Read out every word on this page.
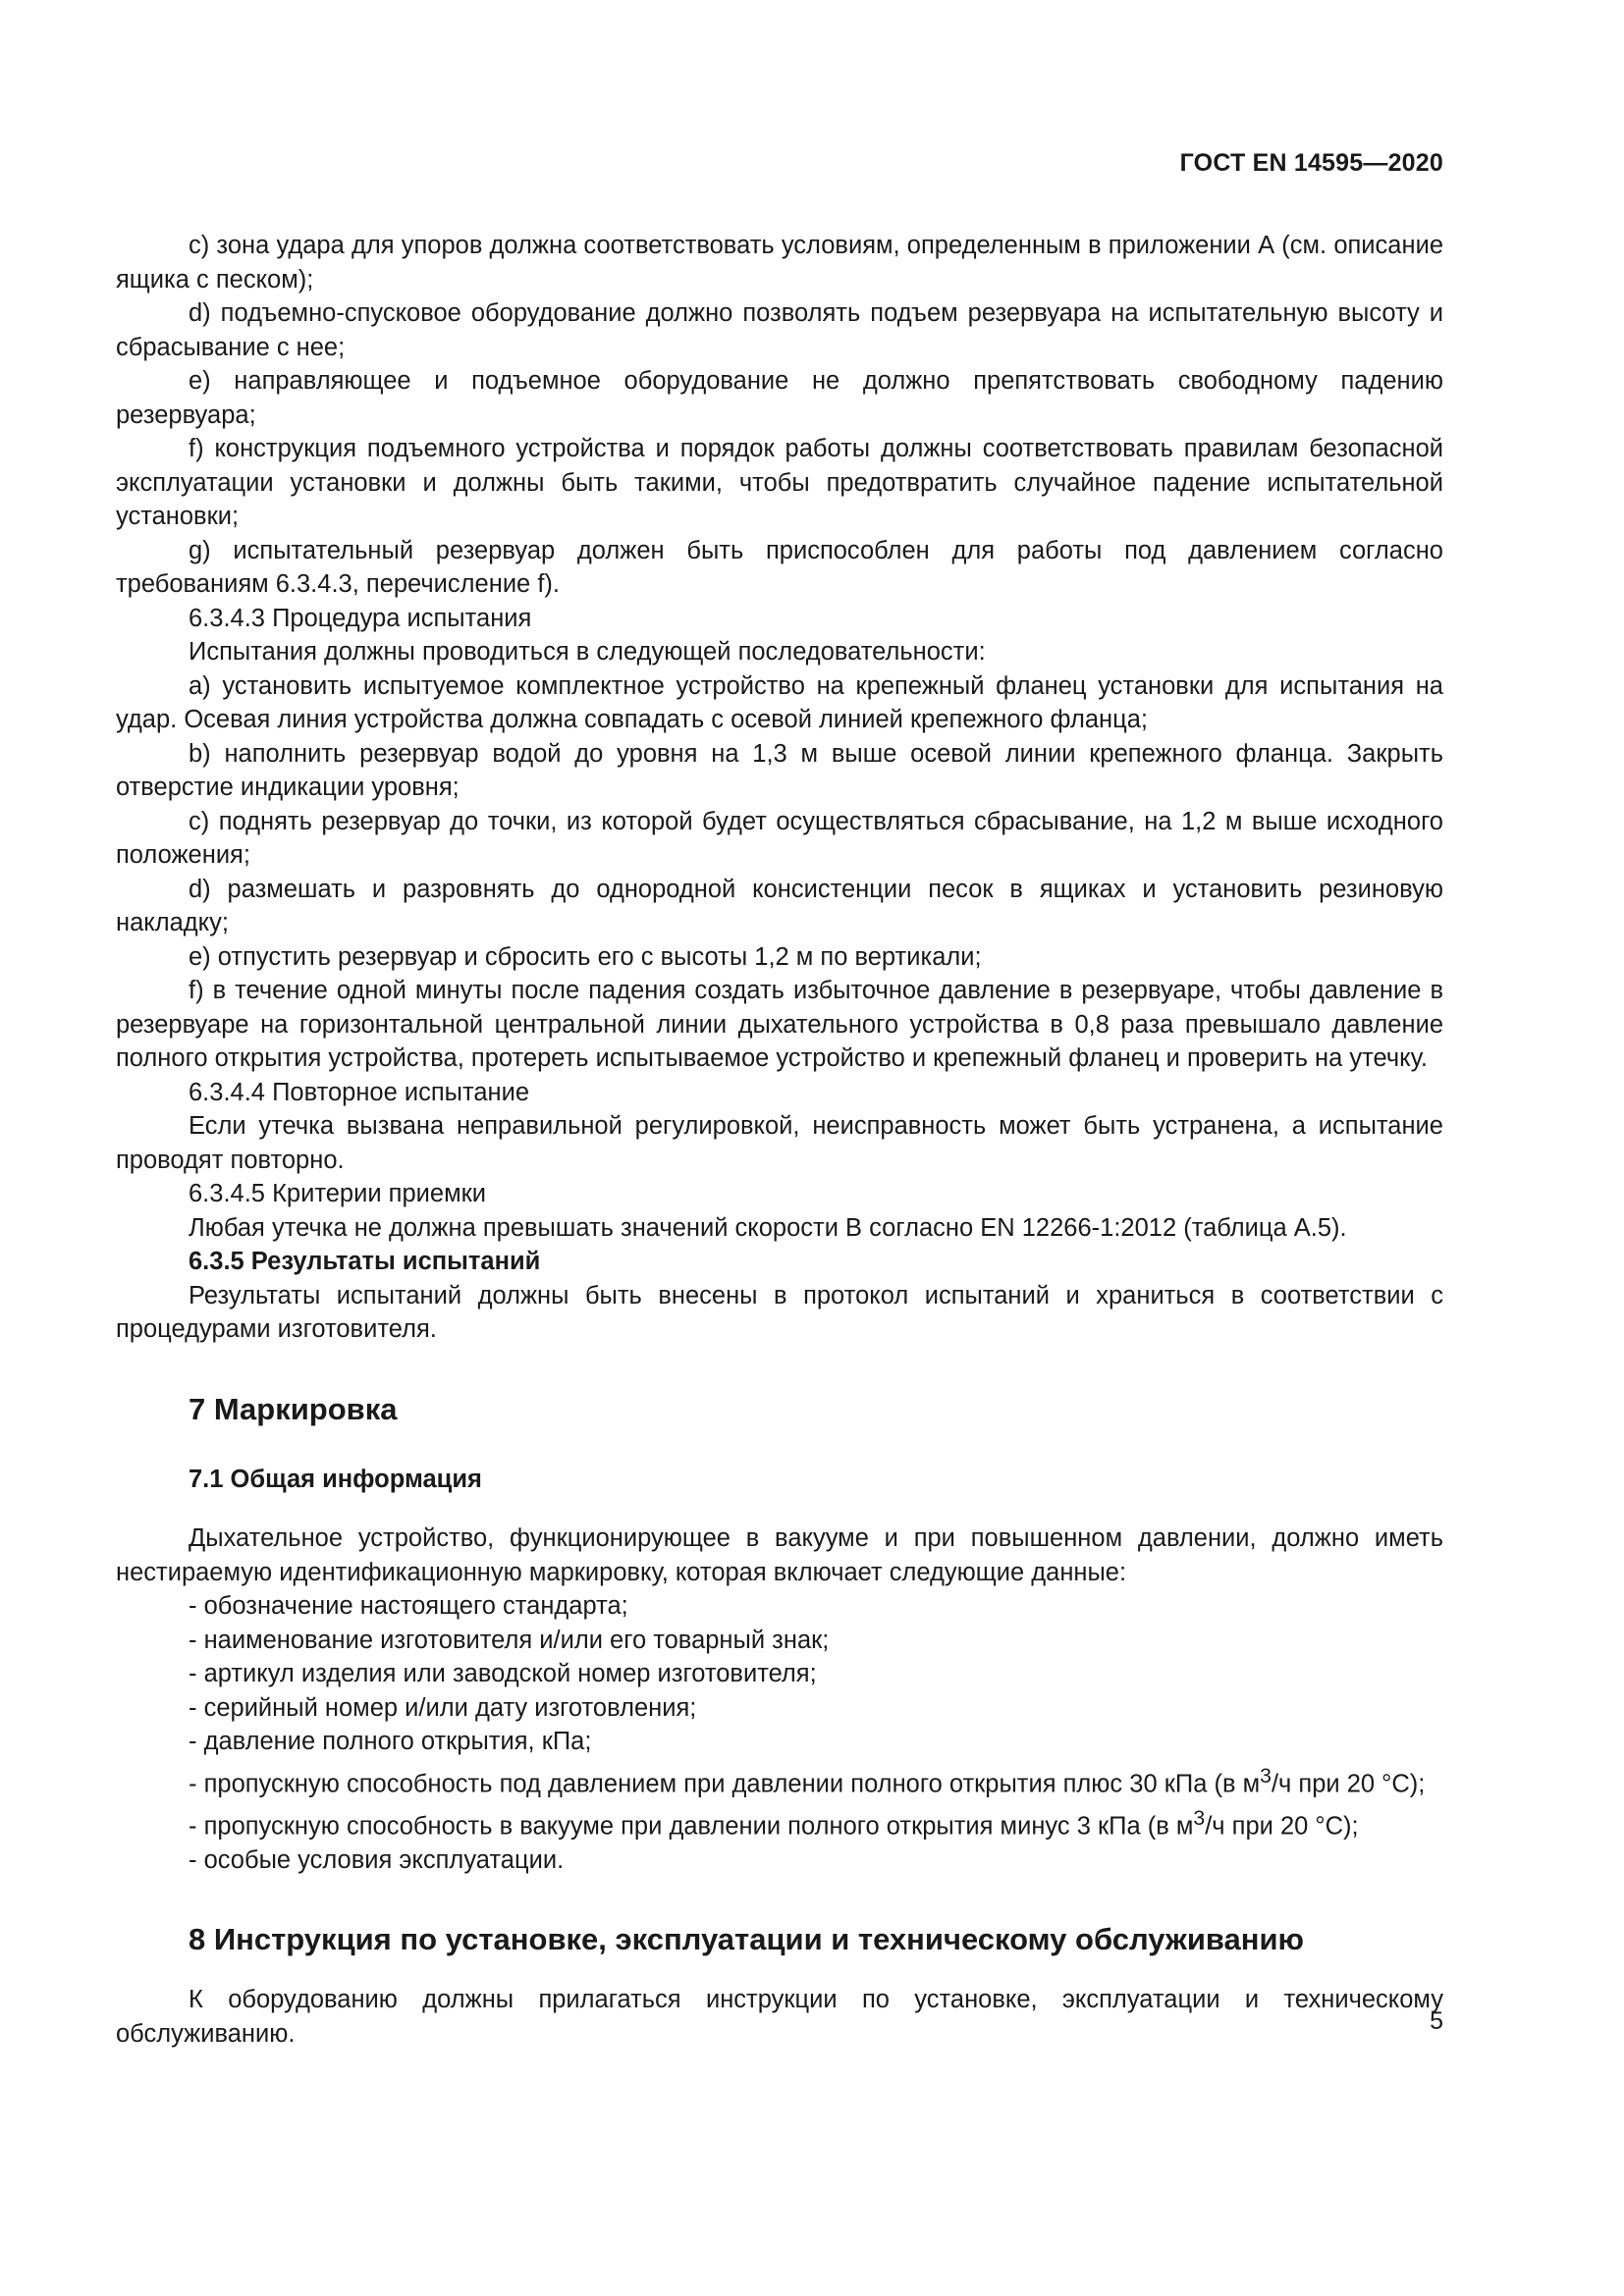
ГОСТ EN 14595—2020

c) зона удара для упоров должна соответствовать условиям, определенным в приложении А (см. описание ящика с песком);

d) подъемно-спусковое оборудование должно позволять подъем резервуара на испытательную высоту и сбрасывание с нее;

е) направляющее и подъемное оборудование не должно препятствовать свободному падению резервуара;

f) конструкция подъемного устройства и порядок работы должны соответствовать правилам безопасной эксплуатации установки и должны быть такими, чтобы предотвратить случайное падение испытательной установки;

g) испытательный резервуар должен быть приспособлен для работы под давлением согласно требованиям 6.3.4.3, перечисление f).

6.3.4.3 Процедура испытания

Испытания должны проводиться в следующей последовательности:

a) установить испытуемое комплектное устройство на крепежный фланец установки для испытания на удар. Осевая линия устройства должна совпадать с осевой линией крепежного фланца;

b) наполнить резервуар водой до уровня на 1,3 м выше осевой линии крепежного фланца. Закрыть отверстие индикации уровня;

c) поднять резервуар до точки, из которой будет осуществляться сбрасывание, на 1,2 м выше исходного положения;

d) размешать и разровнять до однородной консистенции песок в ящиках и установить резиновую накладку;

e) отпустить резервуар и сбросить его с высоты 1,2 м по вертикали;

f) в течение одной минуты после падения создать избыточное давление в резервуаре, чтобы давление в резервуаре на горизонтальной центральной линии дыхательного устройства в 0,8 раза превышало давление полного открытия устройства, протереть испытываемое устройство и крепежный фланец и проверить на утечку.

6.3.4.4 Повторное испытание

Если утечка вызвана неправильной регулировкой, неисправность может быть устранена, а испытание проводят повторно.

6.3.4.5 Критерии приемки

Любая утечка не должна превышать значений скорости B согласно EN 12266-1:2012 (таблица А.5).

6.3.5 Результаты испытаний

Результаты испытаний должны быть внесены в протокол испытаний и храниться в соответствии с процедурами изготовителя.

7 Маркировка
7.1 Общая информация

Дыхательное устройство, функционирующее в вакууме и при повышенном давлении, должно иметь нестираемую идентификационную маркировку, которая включает следующие данные:

- обозначение настоящего стандарта;

- наименование изготовителя и/или его товарный знак;

- артикул изделия или заводской номер изготовителя;

- серийный номер и/или дату изготовления;

- давление полного открытия, кПа;

- пропускную способность под давлением при давлении полного открытия плюс 30 кПа (в $м^3/ч$ при 20 °С);

- пропускную способность в вакууме при давлении полного открытия минус 3 кПа (в $м^3/ч$ при 20 °С);

- особые условия эксплуатации.

8 Инструкция по установке, эксплуатации и техническому обслуживанию

К оборудованию должны прилагаться инструкции по установке, эксплуатации и техническому обслуживанию.	5
